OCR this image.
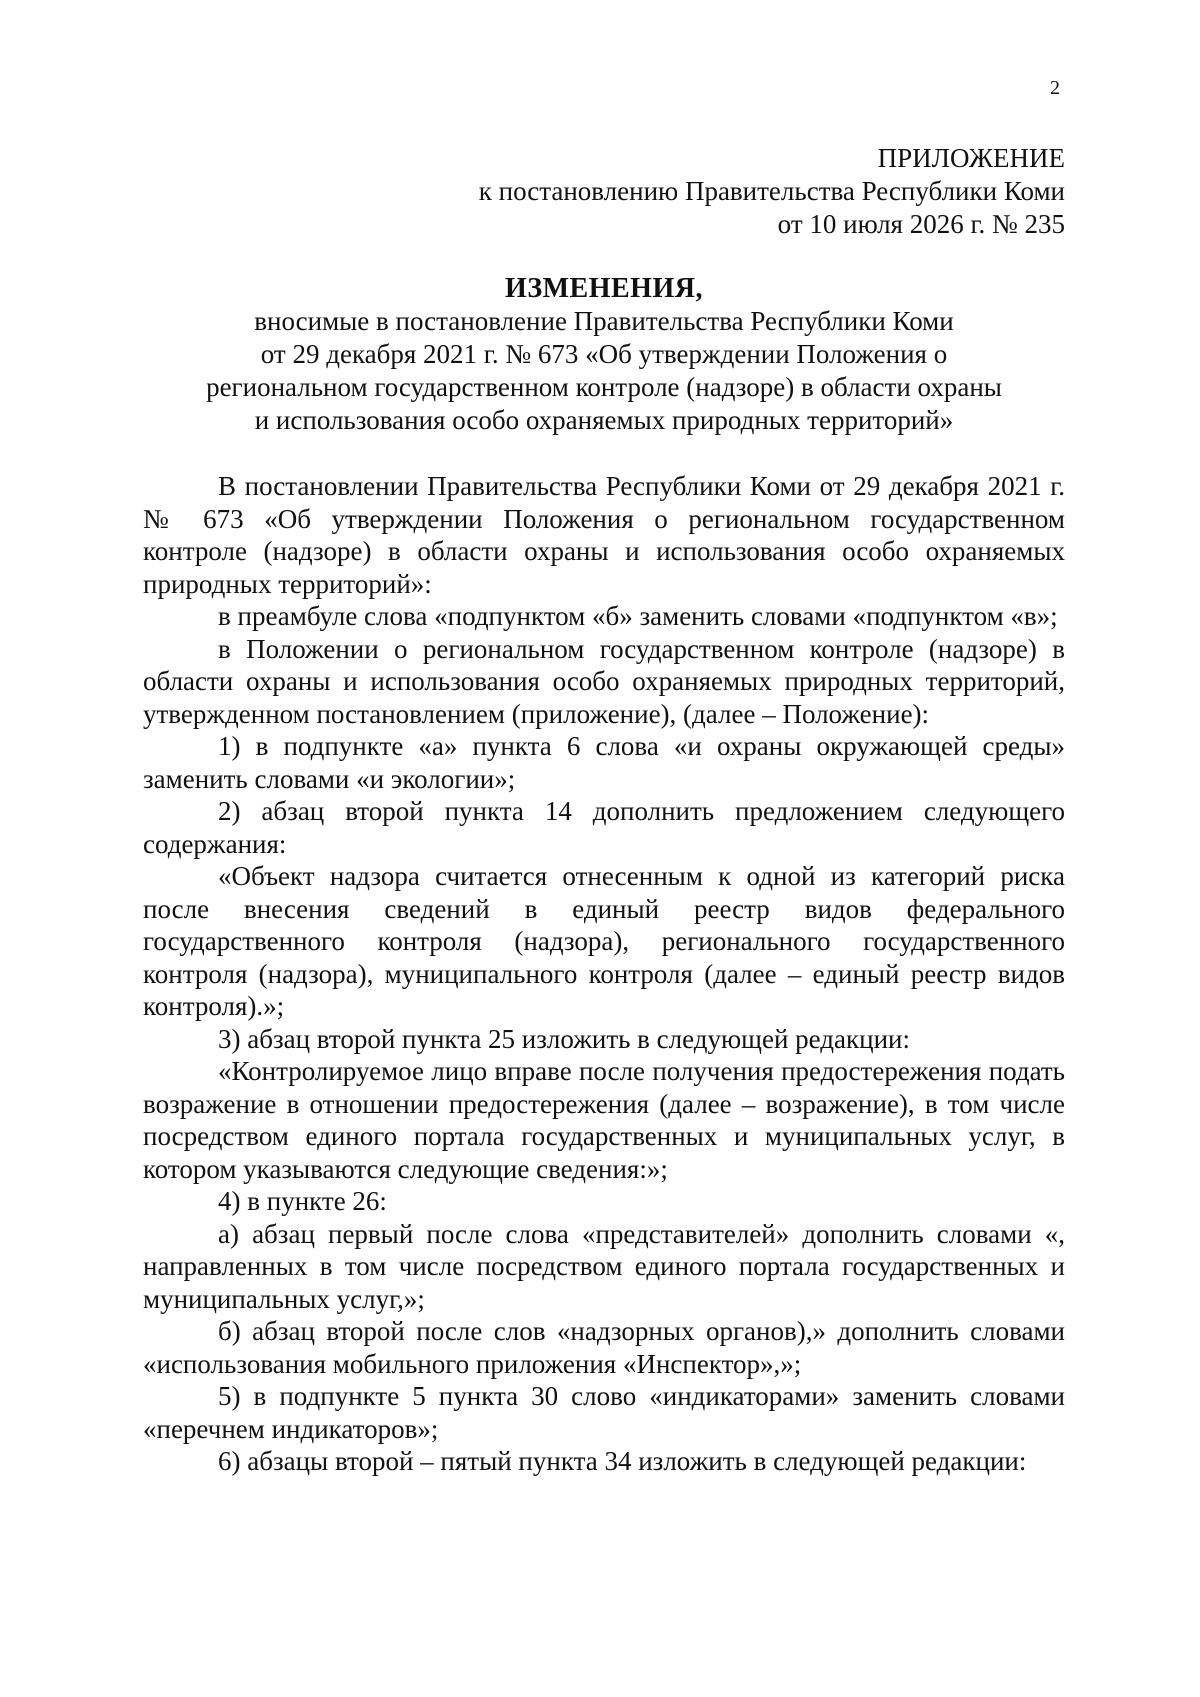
2
ПРИЛОЖЕНИЕ
к постановлению Правительства Республики Коми
от 10 июля 2026 г. № 235
ИЗМЕНЕНИЯ,
вносимые в постановление Правительства Республики Коми
от 29 декабря 2021 г. № 673 «Об утверждении Положения о
региональном государственном контроле (надзоре) в области охраны
и использования особо охраняемых природных территорий»

В постановлении Правительства Республики Коми от 29 декабря 2021 г. № 673 «Об утверждении Положения о региональном государственном контроле (надзоре) в области охраны и использования особо охраняемых природных территорий»:

в преамбуле слова «подпунктом «б» заменить словами «подпунктом «в»;

в Положении о региональном государственном контроле (надзоре) в области охраны и использования особо охраняемых природных территорий, утвержденном постановлением (приложение), (далее – Положение):

1) в подпункте «а» пункта 6 слова «и охраны окружающей среды» заменить словами «и экологии»;

2) абзац второй пункта 14 дополнить предложением следующего содержания:

«Объект надзора считается отнесенным к одной из категорий риска после внесения сведений в единый реестр видов федерального государственного контроля (надзора), регионального государственного контроля (надзора), муниципального контроля (далее – единый реестр видов контроля).»;

3) абзац второй пункта 25 изложить в следующей редакции:

«Контролируемое лицо вправе после получения предостережения подать возражение в отношении предостережения (далее – возражение), в том числе посредством единого портала государственных и муниципальных услуг, в котором указываются следующие сведения:»;

4) в пункте 26:

а) абзац первый после слова «представителей» дополнить словами «, направленных в том числе посредством единого портала государственных и муниципальных услуг,»;

б) абзац второй после слов «надзорных органов),» дополнить словами «использования мобильного приложения «Инспектор»,»;

5) в подпункте 5 пункта 30 слово «индикаторами» заменить словами «перечнем индикаторов»;

6) абзацы второй – пятый пункта 34 изложить в следующей редакции:
